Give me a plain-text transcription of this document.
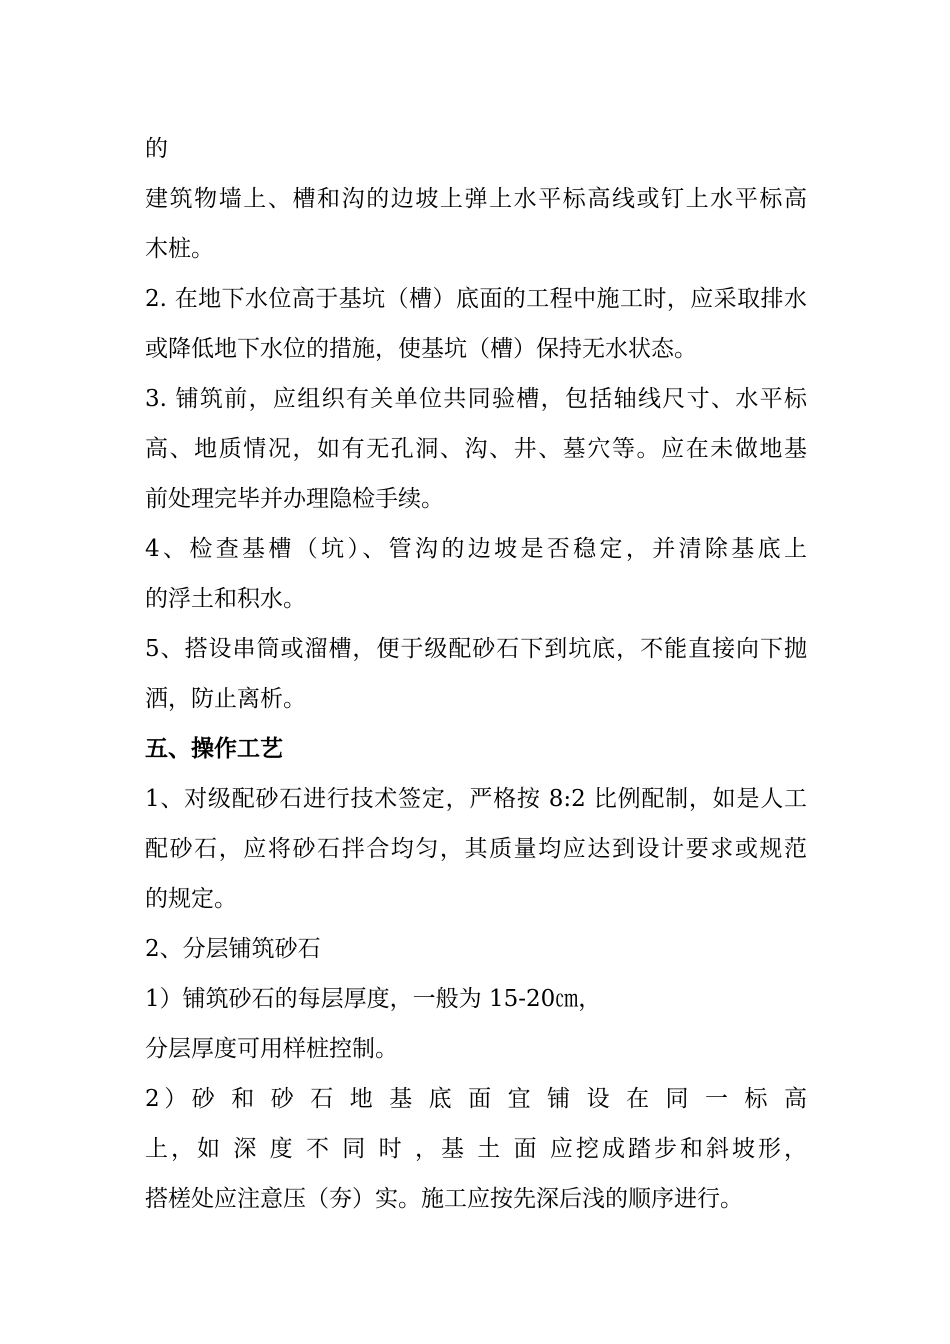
的
建筑物墙上、槽和沟的边坡上弹上水平标高线或钉上水平标高
木桩。
2. 在地下水位高于基坑（槽）底面的工程中施工时，应采取排水
或降低地下水位的措施，使基坑（槽）保持无水状态。
3. 铺筑前，应组织有关单位共同验槽，包括轴线尺寸、水平标
高、地质情况，如有无孔洞、沟、井、墓穴等。应在未做地基
前处理完毕并办理隐检手续。
4、检查基槽（坑）、管沟的边坡是否稳定，并清除基底上
的浮土和积水。
5、搭设串筒或溜槽，便于级配砂石下到坑底，不能直接向下抛
洒，防止离析。
五、操作工艺
1、对级配砂石进行技术签定，严格按 8:2 比例配制，如是人工
配砂石，应将砂石拌合均匀，其质量均应达到设计要求或规范
的规定。
2、分层铺筑砂石
1）铺筑砂石的每层厚度，一般为 15-20㎝，
分层厚度可用样桩控制。
2）砂 和 砂 石 地 基 底 面 宜 铺 设 在 同 一 标 高
上，如 深 度 不 同 时 ，基 土 面 应挖成踏步和斜坡形，
搭槎处应注意压（夯）实。施工应按先深后浅的顺序进行。
